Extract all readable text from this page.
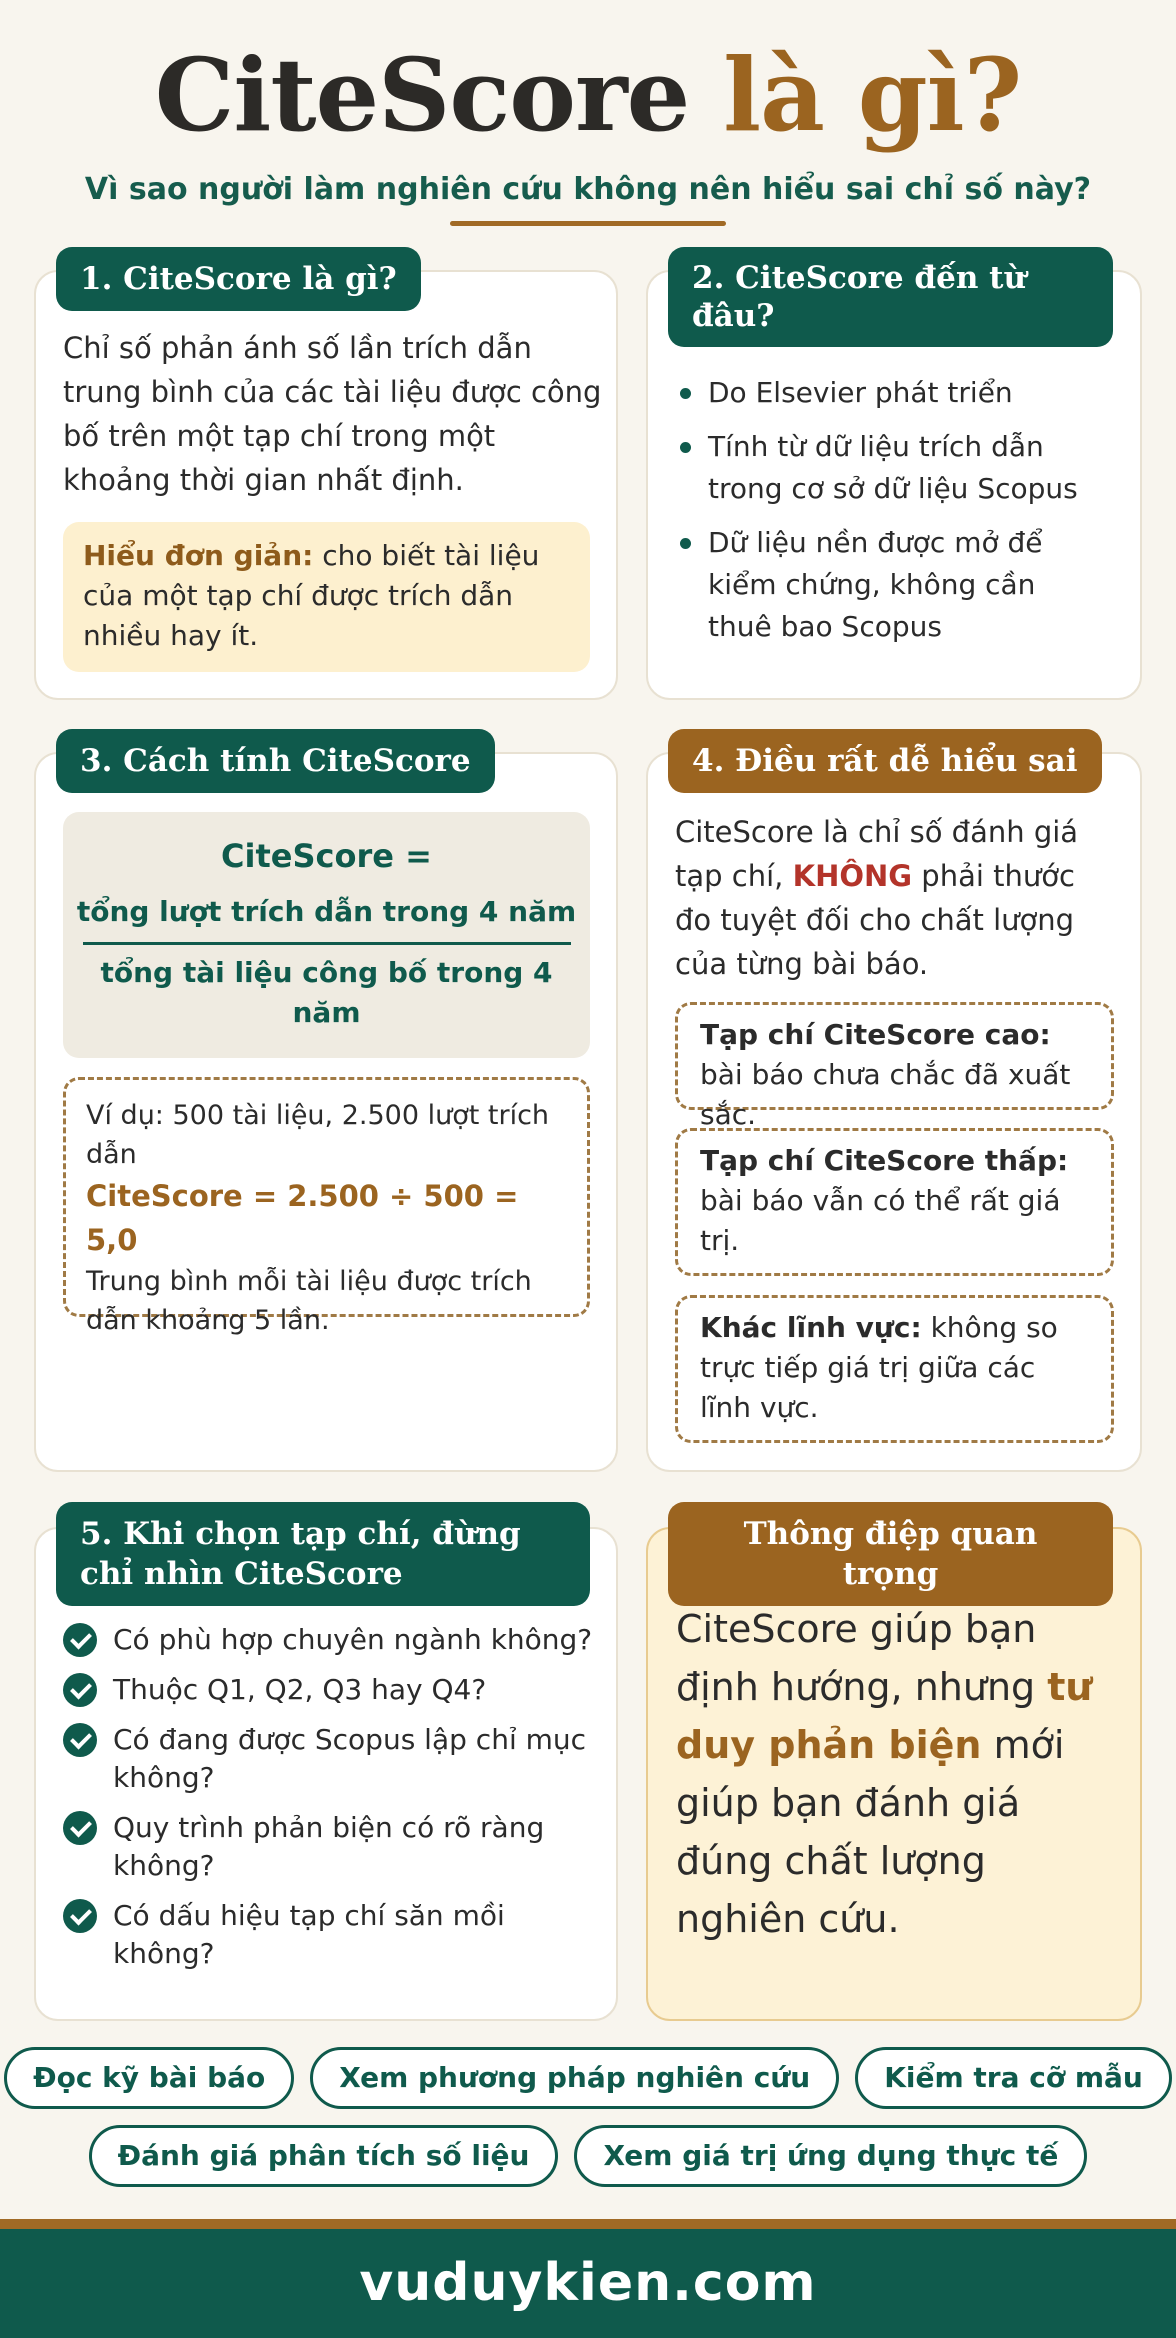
CiteScore là gì?
Vì sao người làm nghiên cứu không nên hiểu sai chỉ số này?
1. CiteScore là gì?
Chỉ số phản ánh số lần trích dẫn trung bình của các tài liệu được công bố trên một tạp chí trong một khoảng thời gian nhất định.
Hiểu đơn giản: cho biết tài liệu của một tạp chí được trích dẫn nhiều hay ít.
2. CiteScore đến từ đâu?
Do Elsevier phát triển
Tính từ dữ liệu trích dẫn trong cơ sở dữ liệu Scopus
Dữ liệu nền được mở để kiểm chứng, không cần thuê bao Scopus
3. Cách tính CiteScore
CiteScore =
tổng lượt trích dẫn trong 4 năm
tổng tài liệu công bố trong 4 năm
Ví dụ: 500 tài liệu, 2.500 lượt trích dẫn
CiteScore = 2.500 ÷ 500 = 5,0
Trung bình mỗi tài liệu được trích dẫn khoảng 5 lần.
4. Điều rất dễ hiểu sai
CiteScore là chỉ số đánh giá tạp chí, KHÔNG phải thước đo tuyệt đối cho chất lượng của từng bài báo.
Tạp chí CiteScore cao: bài báo chưa chắc đã xuất sắc.
Tạp chí CiteScore thấp: bài báo vẫn có thể rất giá trị.
Khác lĩnh vực: không so trực tiếp giá trị giữa các lĩnh vực.
5. Khi chọn tạp chí, đừng chỉ nhìn CiteScore
Có phù hợp chuyên ngành không?
Thuộc Q1, Q2, Q3 hay Q4?
Có đang được Scopus lập chỉ mục không?
Quy trình phản biện có rõ ràng không?
Có dấu hiệu tạp chí săn mồi không?
Thông điệp quan trọng
CiteScore giúp bạn định hướng, nhưng tư duy phản biện mới giúp bạn đánh giá đúng chất lượng nghiên cứu.
Đọc kỹ bài báo	Xem phương pháp nghiên cứu	Kiểm tra cỡ mẫu
Đánh giá phân tích số liệu	Xem giá trị ứng dụng thực tế
vuduykien.com
